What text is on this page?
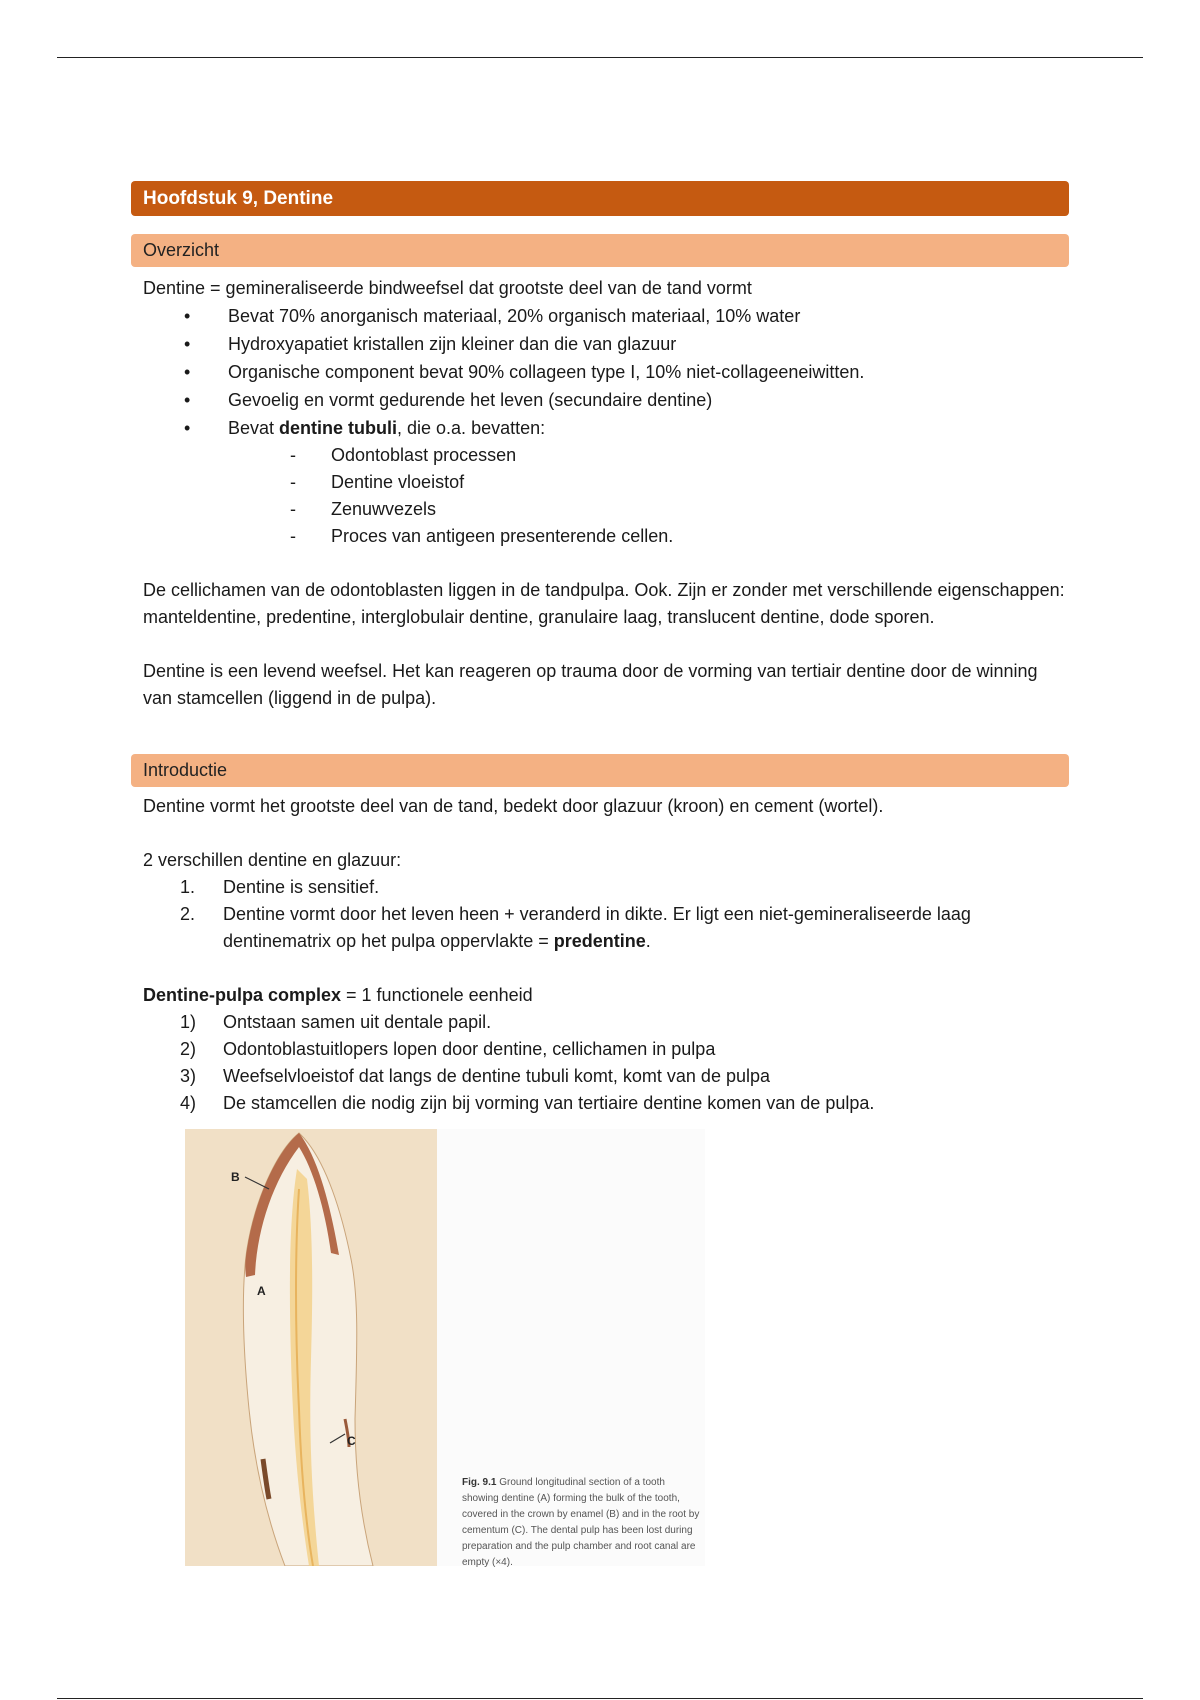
Hoofdstuk 9, Dentine
Overzicht

Dentine = gemineraliseerde bindweefsel dat grootste deel van de tand vormt

• Bevat 70% anorganisch materiaal, 20% organisch materiaal, 10% water
• Hydroxyapatiet kristallen zijn kleiner dan die van glazuur
• Organische component bevat 90% collageen type I, 10% niet-collageeneiwitten.
• Gevoelig en vormt gedurende het leven (secundaire dentine)
• Bevat dentine tubuli, die o.a. bevatten:
- Odontoblast processen
- Dentine vloeistof
- Zenuwvezels
- Proces van antigeen presenterende cellen.

De cellichamen van de odontoblasten liggen in de tandpulpa. Ook. Zijn er zonder met verschillende eigenschappen: manteldentine, predentine, interglobulair dentine, granulaire laag, translucent dentine, dode sporen.

Dentine is een levend weefsel. Het kan reageren op trauma door de vorming van tertiair dentine door de winning van stamcellen (liggend in de pulpa).

Introductie

Dentine vormt het grootste deel van de tand, bedekt door glazuur (kroon) en cement (wortel).

2 verschillen dentine en glazuur:

1. Dentine is sensitief.
2. Dentine vormt door het leven heen + veranderd in dikte. Er ligt een niet-gemineraliseerde laag dentinematrix op het pulpa oppervlakte = predentine.

Dentine-pulpa complex = 1 functionele eenheid

1) Ontstaan samen uit dentale papil.
2) Odontoblastuitlopers lopen door dentine, cellichamen in pulpa
3) Weefselvloeistof dat langs de dentine tubuli komt, komt van de pulpa
4) De stamcellen die nodig zijn bij vorming van tertiaire dentine komen van de pulpa.
B
A
C
Fig. 9.1 Ground longitudinal section of a tooth showing dentine (A) forming the bulk of the tooth, covered in the crown by enamel (B) and in the root by cementum (C). The dental pulp has been lost during preparation and the pulp chamber and root canal are empty (×4).
